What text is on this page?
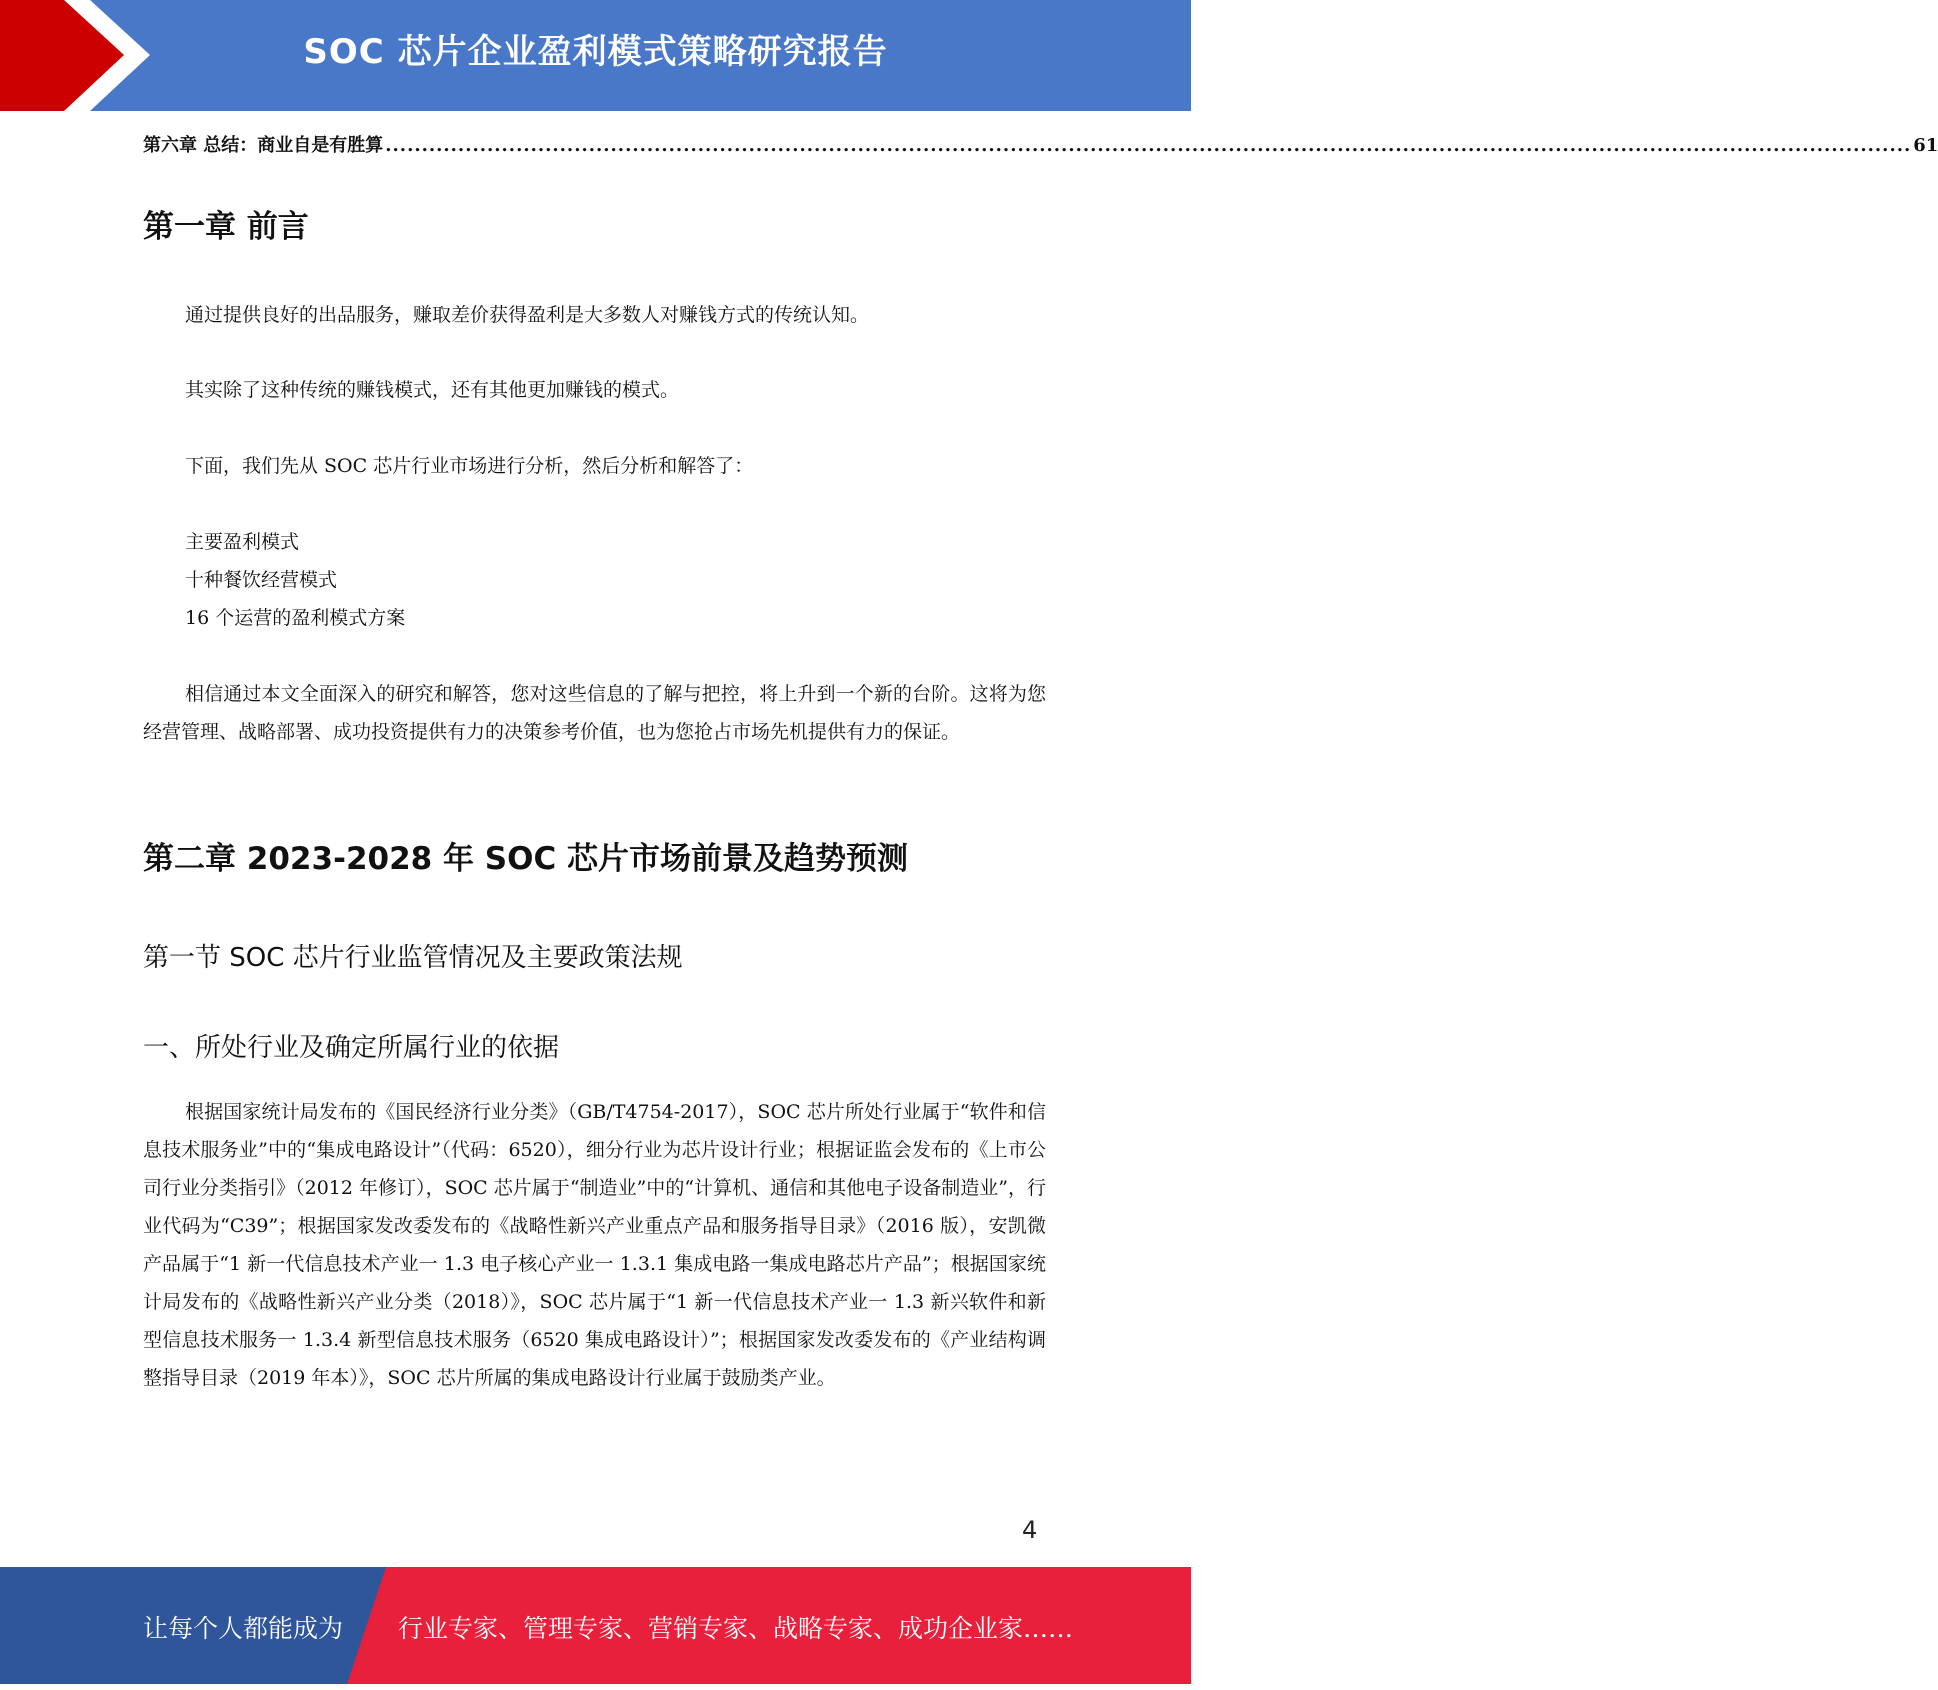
SOC 芯片企业盈利模式策略研究报告
第六章 总结：商业自是有胜算 .................................................................................................................................................................................................................. 61
第一章 前言

通过提供良好的出品服务，赚取差价获得盈利是大多数人对赚钱方式的传统认知。

其实除了这种传统的赚钱模式，还有其他更加赚钱的模式。

下面，我们先从 SOC 芯片行业市场进行分析，然后分析和解答了：

主要盈利模式
十种餐饮经营模式
16 个运营的盈利模式方案

相信通过本文全面深入的研究和解答，您对这些信息的了解与把控，将上升到一个新的台阶。这将为您经营管理、战略部署、成功投资提供有力的决策参考价值，也为您抢占市场先机提供有力的保证。

第二章 2023-2028 年 SOC 芯片市场前景及趋势预测
第一节 SOC 芯片行业监管情况及主要政策法规
一、所处行业及确定所属行业的依据

根据国家统计局发布的《国民经济行业分类》（GB/T4754-2017），SOC 芯片所处行业属于“软件和信息技术服务业”中的“集成电路设计”（代码：6520），细分行业为芯片设计行业；根据证监会发布的《上市公司行业分类指引》（2012 年修订），SOC 芯片属于“制造业”中的“计算机、通信和其他电子设备制造业”，行业代码为“C39”；根据国家发改委发布的《战略性新兴产业重点产品和服务指导目录》（2016 版），安凯微产品属于“1 新一代信息技术产业一 1.3 电子核心产业一 1.3.1 集成电路一集成电路芯片产品”；根据国家统计局发布的《战略性新兴产业分类（2018）》，SOC 芯片属于“1 新一代信息技术产业一 1.3 新兴软件和新型信息技术服务一 1.3.4 新型信息技术服务（6520 集成电路设计）”；根据国家发改委发布的《产业结构调整指导目录（2019 年本）》，SOC 芯片所属的集成电路设计行业属于鼓励类产业。

4
让每个人都能成为 行业专家、管理专家、营销专家、战略专家、成功企业家……
